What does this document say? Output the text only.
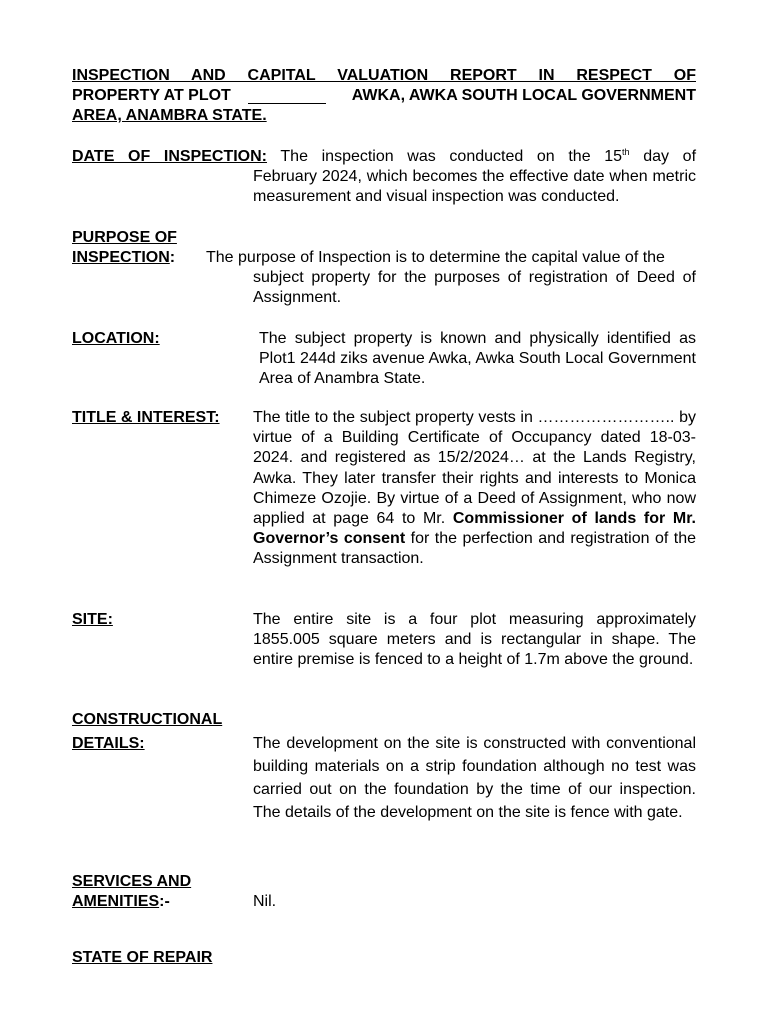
INSPECTION AND CAPITAL VALUATION REPORT IN RESPECT OF
PROPERTY AT PLOT	AWKA, AWKA SOUTH LOCAL GOVERNMENT
AREA, ANAMBRA STATE.
DATE OF INSPECTION: The inspection was conducted on the 15th day of
February 2024, which becomes the effective date when metric measurement and visual inspection was conducted.
PURPOSE OF
INSPECTION: The purpose of Inspection is to determine the capital value of the
subject property for the purposes of registration of Deed of Assignment.
LOCATION:	The subject property is known and physically identified as Plot1 244d ziks avenue Awka, Awka South Local Government Area of Anambra State.
TITLE & INTEREST: The title to the subject property vests in …………………….. by virtue of a Building Certificate of Occupancy dated 18-03-2024. and registered as 15/2/2024… at the Lands Registry, Awka. They later transfer their rights and interests to Monica Chimeze Ozojie. By virtue of a Deed of Assignment, who now applied at page 64 to Mr. Commissioner of lands for Mr. Governor’s consent for the perfection and registration of the Assignment transaction.
SITE:	The entire site is a four plot measuring approximately 1855.005 square meters and is rectangular in shape. The entire premise is fenced to a height of 1.7m above the ground.
CONSTRUCTIONAL
DETAILS:	The development on the site is constructed with conventional building materials on a strip foundation although no test was carried out on the foundation by the time of our inspection. The details of the development on the site is fence with gate.
SERVICES AND
AMENITIES:-	Nil.
STATE OF REPAIR
